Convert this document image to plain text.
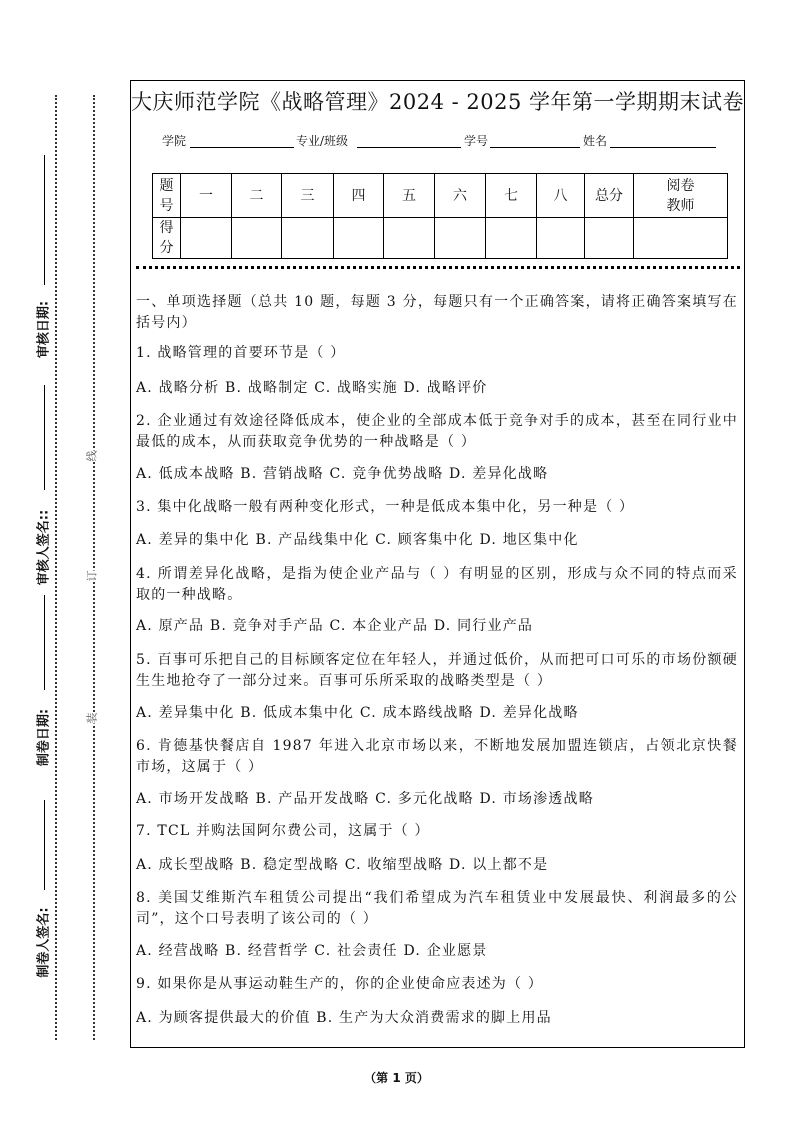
制卷人签名:
制卷日期:
审核人签名::
审核日期:
装
订
线
大庆师范学院《战略管理》2024 - 2025 学年第一学期期末试卷
学院	专业/班级	学号	姓名
题号	一	二	三	四	五	六	七	八	总分	阅卷教师
得分										
一、单项选择题（总共 10 题，每题 3 分，每题只有一个正确答案，请将正确答案填写在括号内）
1. 战略管理的首要环节是（ ）
A. 战略分析 B. 战略制定 C. 战略实施 D. 战略评价
2. 企业通过有效途径降低成本，使企业的全部成本低于竞争对手的成本，甚至在同行业中最低的成本，从而获取竞争优势的一种战略是（ ）
A. 低成本战略 B. 营销战略 C. 竞争优势战略 D. 差异化战略
3. 集中化战略一般有两种变化形式，一种是低成本集中化，另一种是（ ）
A. 差异的集中化 B. 产品线集中化 C. 顾客集中化 D. 地区集中化
4. 所谓差异化战略，是指为使企业产品与（ ）有明显的区别，形成与众不同的特点而采取的一种战略。
A. 原产品 B. 竞争对手产品 C. 本企业产品 D. 同行业产品
5. 百事可乐把自己的目标顾客定位在年轻人，并通过低价，从而把可口可乐的市场份额硬生生地抢夺了一部分过来。百事可乐所采取的战略类型是（ ）
A. 差异集中化 B. 低成本集中化 C. 成本路线战略 D. 差异化战略
6. 肯德基快餐店自 1987 年进入北京市场以来，不断地发展加盟连锁店，占领北京快餐市场，这属于（ ）
A. 市场开发战略 B. 产品开发战略 C. 多元化战略 D. 市场渗透战略
7. TCL 并购法国阿尔费公司，这属于（ ）
A. 成长型战略 B. 稳定型战略 C. 收缩型战略 D. 以上都不是
8. 美国艾维斯汽车租赁公司提出“我们希望成为汽车租赁业中发展最快、利润最多的公司”，这个口号表明了该公司的（ ）
A. 经营战略 B. 经营哲学 C. 社会责任 D. 企业愿景
9. 如果你是从事运动鞋生产的，你的企业使命应表述为（ ）
A. 为顾客提供最大的价值 B. 生产为大众消费需求的脚上用品
（第 1 页）
